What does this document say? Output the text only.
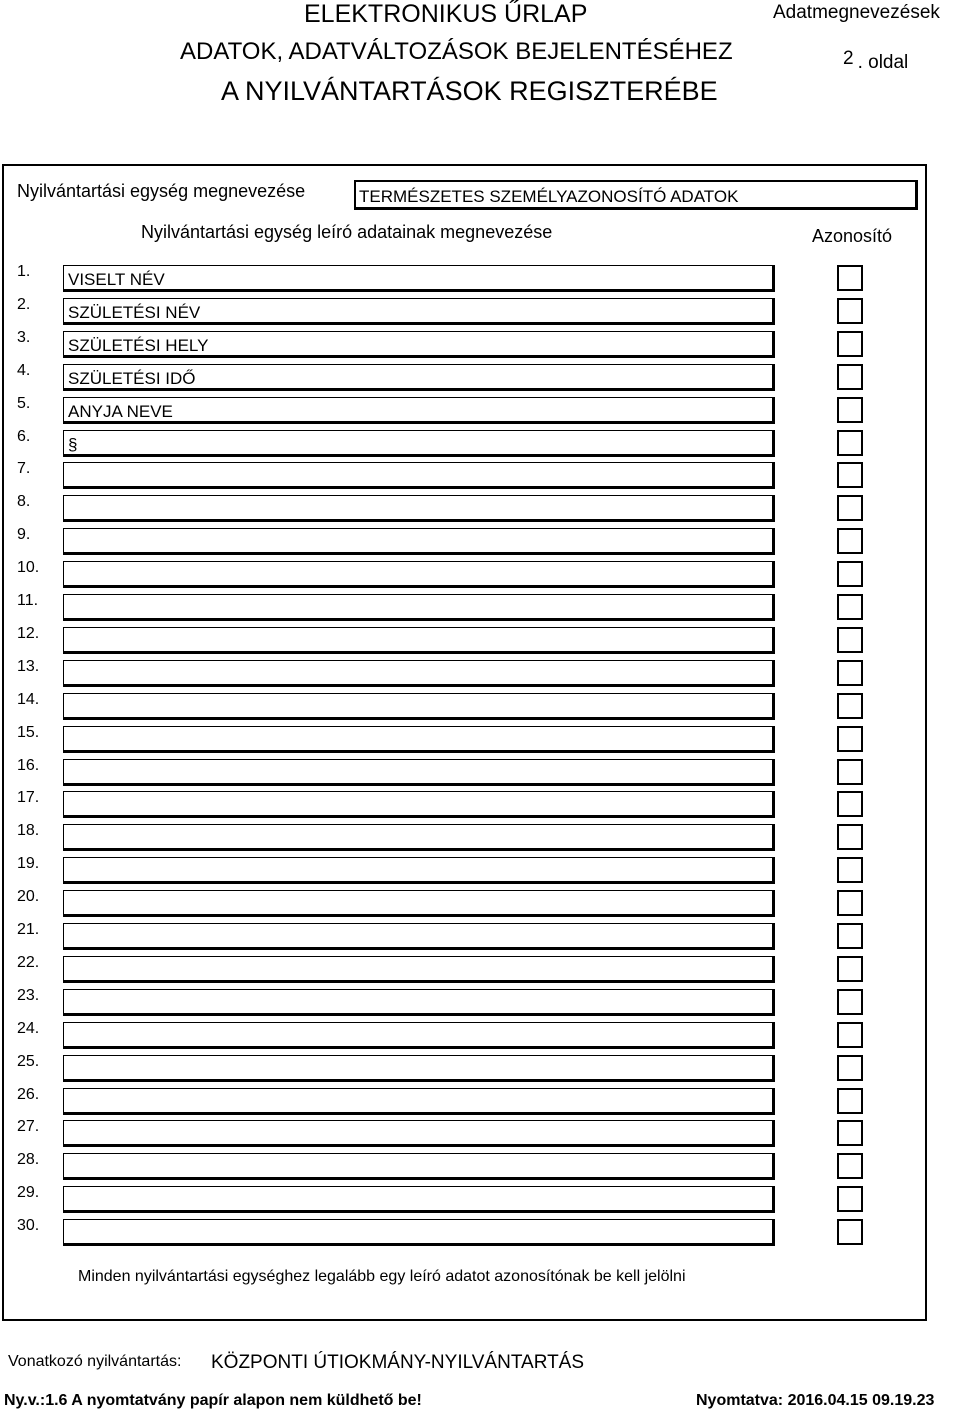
ELEKTRONIKUS ŰRLAP
ADATOK, ADATVÁLTOZÁSOK BEJELENTÉSÉHEZ
A NYILVÁNTARTÁSOK REGISZTERÉBE
Adatmegnevezések
2 . oldal
Nyilvántartási egység megnevezése	TERMÉSZETES SZEMÉLYAZONOSÍTÓ ADATOK
Nyilvántartási egység leíró adatainak megnevezése	Azonosító
1. VISELT NÉV
2. SZÜLETÉSI NÉV
3. SZÜLETÉSI HELY
4. SZÜLETÉSI IDŐ
5. ANYJA NEVE
6. §
7.
8.
9.
10.
11.
12.
13.
14.
15.
16.
17.
18.
19.
20.
21.
22.
23.
24.
25.
26.
27.
28.
29.
30.
Minden nyilvántartási egységhez legalább egy leíró adatot azonosítónak be kell jelölni
Vonatkozó nyilvántartás: KÖZPONTI ÚTIOKMÁNY-NYILVÁNTARTÁS
Ny.v.:1.6 A nyomtatvány papír alapon nem küldhető be!	Nyomtatva: 2016.04.15 09.19.23
